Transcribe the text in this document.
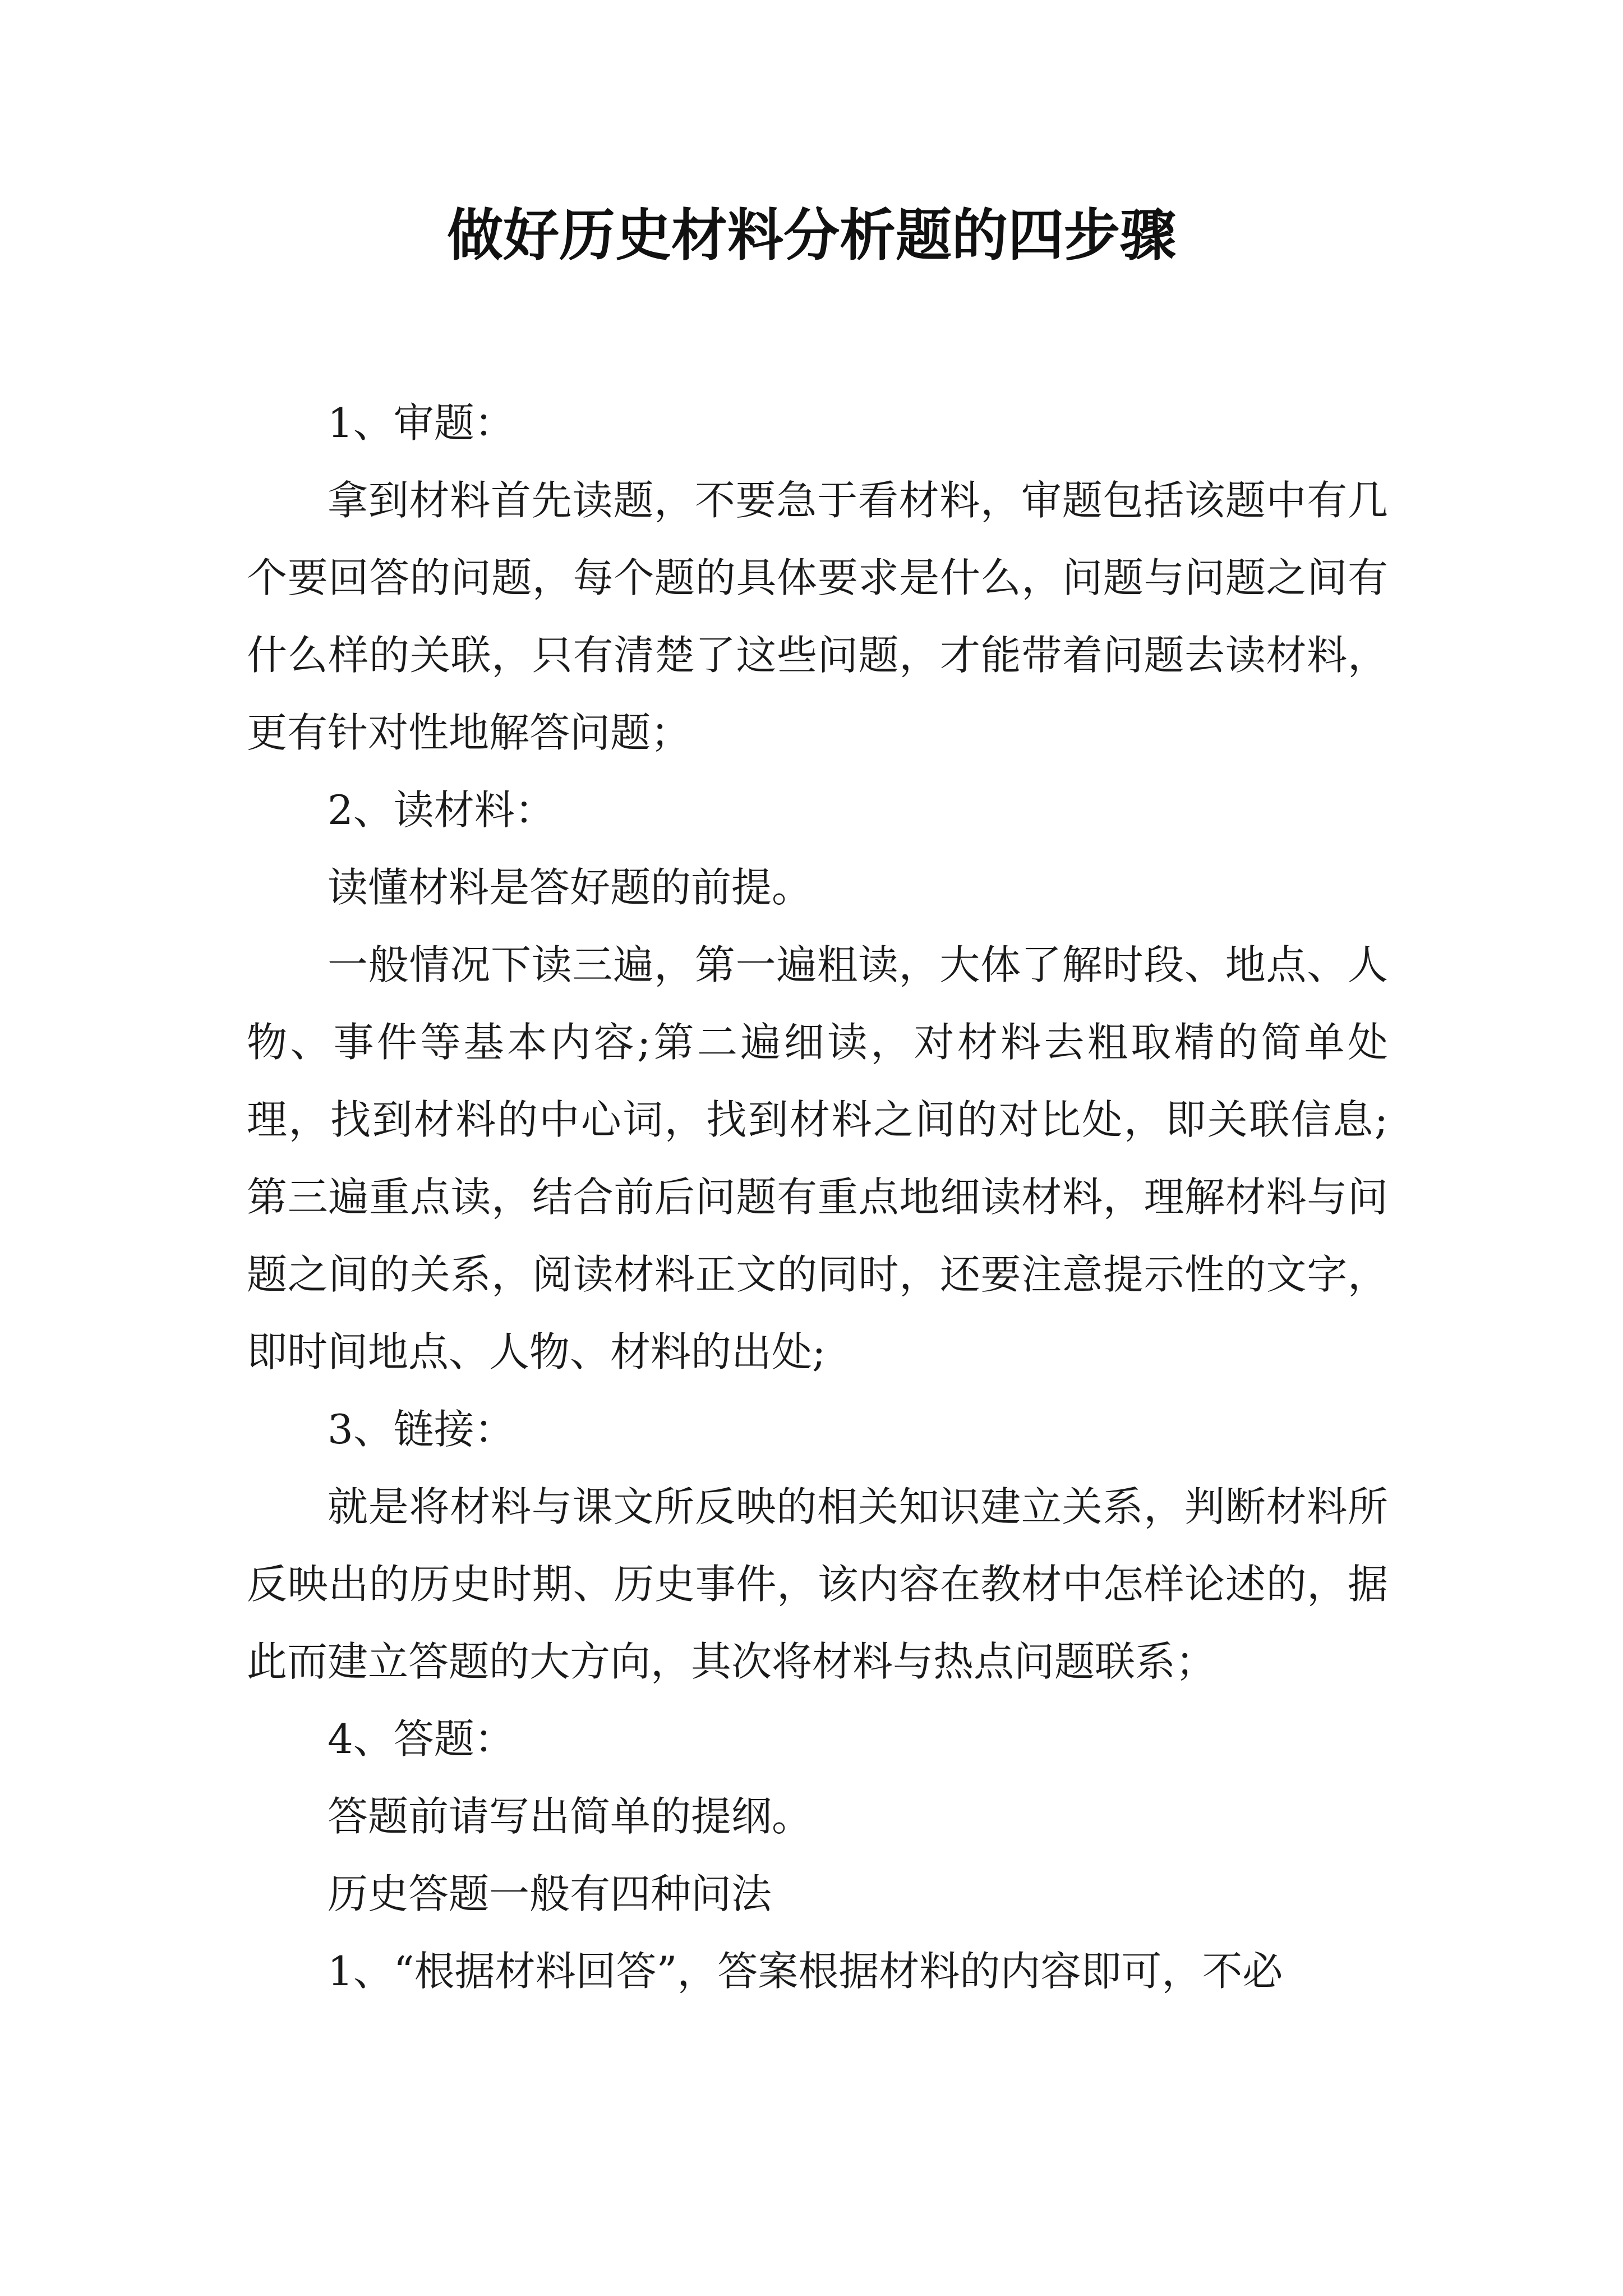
做好历史材料分析题的四步骤

1、审题：

拿到材料首先读题，不要急于看材料，审题包括该题中有几个要回答的问题，每个题的具体要求是什么，问题与问题之间有什么样的关联，只有清楚了这些问题，才能带着问题去读材料，更有针对性地解答问题；

2、读材料：

读懂材料是答好题的前提。

一般情况下读三遍，第一遍粗读，大体了解时段、地点、人物、事件等基本内容;第二遍细读，对材料去粗取精的简单处理，找到材料的中心词，找到材料之间的对比处，即关联信息;第三遍重点读，结合前后问题有重点地细读材料，理解材料与问题之间的关系，阅读材料正文的同时，还要注意提示性的文字，即时间地点、人物、材料的出处;

3、链接：

就是将材料与课文所反映的相关知识建立关系，判断材料所反映出的历史时期、历史事件，该内容在教材中怎样论述的，据此而建立答题的大方向，其次将材料与热点问题联系；

4、答题：

答题前请写出简单的提纲。

历史答题一般有四种问法

1、“根据材料回答”，答案根据材料的内容即可，不必
